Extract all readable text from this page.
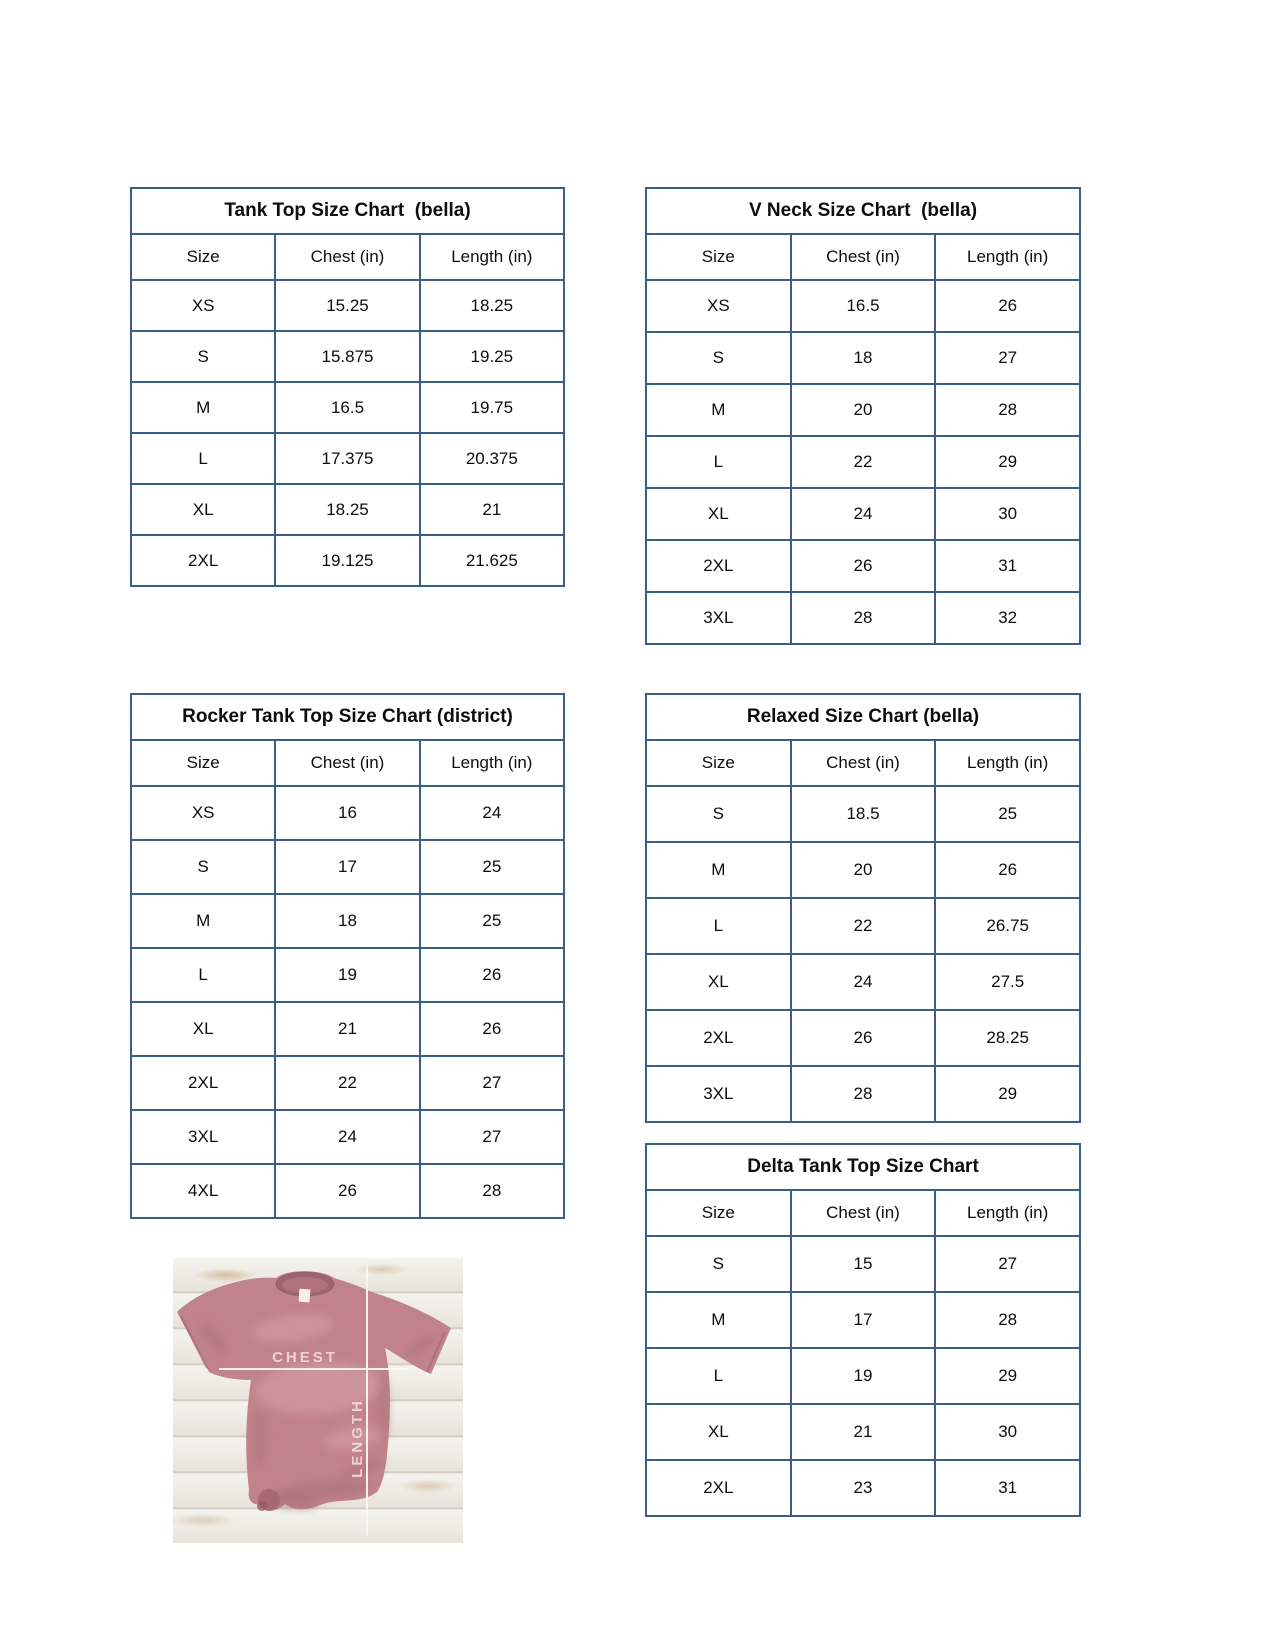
Tank Top Size Chart  (bella)		
Size	Chest (in)	Length (in)
XS	15.25	18.25
S	15.875	19.25
M	16.5	19.75
L	17.375	20.375
XL	18.25	21
2XL	19.125	21.625
V Neck Size Chart  (bella)		
Size	Chest (in)	Length (in)
XS	16.5	26
S	18	27
M	20	28
L	22	29
XL	24	30
2XL	26	31
3XL	28	32
Rocker Tank Top Size Chart (district)		
Size	Chest (in)	Length (in)
XS	16	24
S	17	25
M	18	25
L	19	26
XL	21	26
2XL	22	27
3XL	24	27
4XL	26	28
Relaxed Size Chart (bella)		
Size	Chest (in)	Length (in)
S	18.5	25
M	20	26
L	22	26.75
XL	24	27.5
2XL	26	28.25
3XL	28	29
Delta Tank Top Size Chart		
Size	Chest (in)	Length (in)
S	15	27
M	17	28
L	19	29
XL	21	30
2XL	23	31
CHEST
LENGTH
